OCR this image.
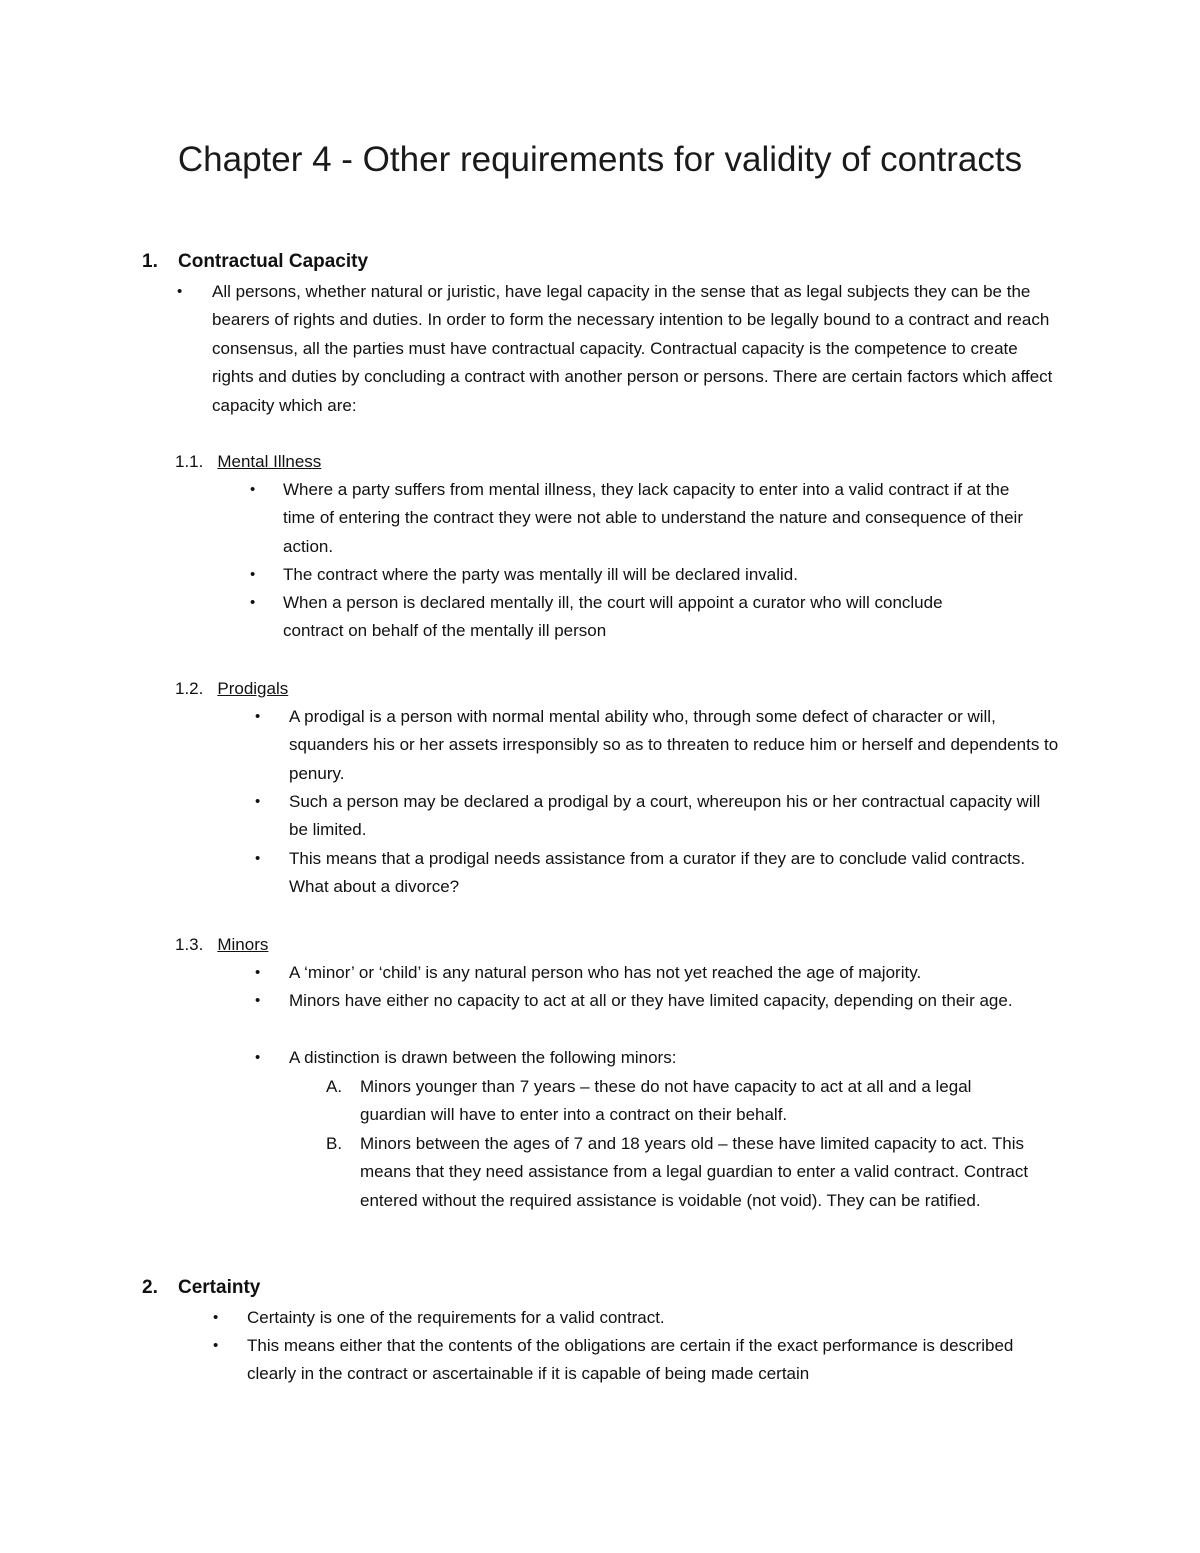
Chapter 4 - Other requirements for validity of contracts
1. Contractual Capacity
• All persons, whether natural or juristic, have legal capacity in the sense that as legal subjects they can be the bearers of rights and duties. In order to form the necessary intention to be legally bound to a contract and reach consensus, all the parties must have contractual capacity. Contractual capacity is the competence to create rights and duties by concluding a contract with another person or persons. There are certain factors which affect capacity which are:

1.1. Mental Illness
• Where a party suffers from mental illness, they lack capacity to enter into a valid contract if at the time of entering the contract they were not able to understand the nature and consequence of their action.

• The contract where the party was mentally ill will be declared invalid.

• When a person is declared mentally ill, the court will appoint a curator who will conclude contract on behalf of the mentally ill person

1.2. Prodigals
• A prodigal is a person with normal mental ability who, through some defect of character or will, squanders his or her assets irresponsibly so as to threaten to reduce him or herself and dependents to penury.

• Such a person may be declared a prodigal by a court, whereupon his or her contractual capacity will be limited.

• This means that a prodigal needs assistance from a curator if they are to conclude valid contracts. What about a divorce?

1.3. Minors
• A ‘minor’ or ‘child’ is any natural person who has not yet reached the age of majority.

• Minors have either no capacity to act at all or they have limited capacity, depending on their age.

• A distinction is drawn between the following minors:

A. Minors younger than 7 years – these do not have capacity to act at all and a legal guardian will have to enter into a contract on their behalf.

B. Minors between the ages of 7 and 18 years old – these have limited capacity to act. This means that they need assistance from a legal guardian to enter a valid contract. Contract entered without the required assistance is voidable (not void). They can be ratified.

2. Certainty
• Certainty is one of the requirements for a valid contract.

• This means either that the contents of the obligations are certain if the exact performance is described clearly in the contract or ascertainable if it is capable of being made certain
